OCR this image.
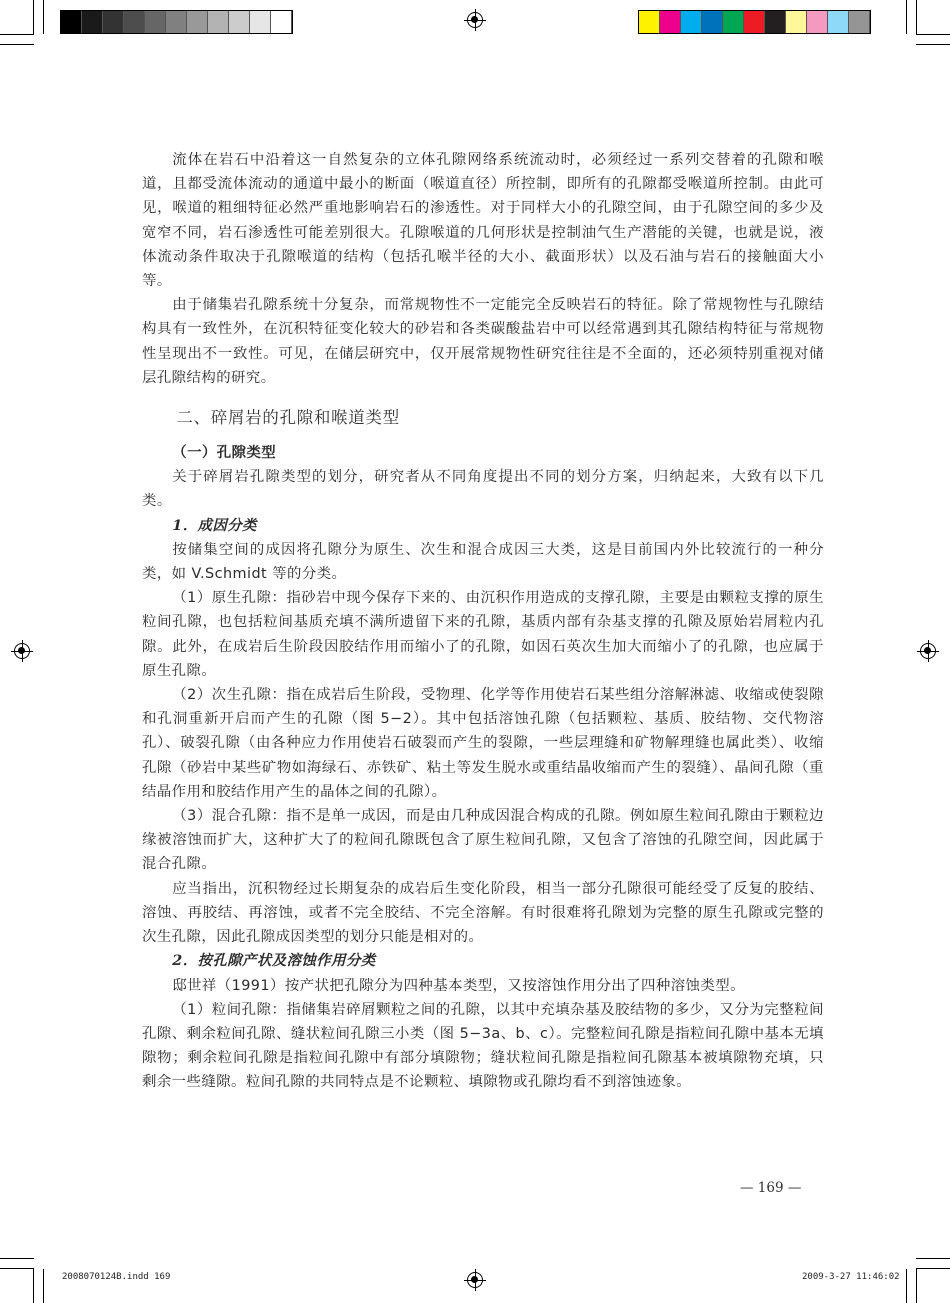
流体在岩石中沿着这一自然复杂的立体孔隙网络系统流动时，必须经过一系列交替着的孔隙和喉道，且都受流体流动的通道中最小的断面（喉道直径）所控制，即所有的孔隙都受喉道所控制。由此可见，喉道的粗细特征必然严重地影响岩石的渗透性。对于同样大小的孔隙空间，由于孔隙空间的多少及宽窄不同，岩石渗透性可能差别很大。孔隙喉道的几何形状是控制油气生产潜能的关键，也就是说，液体流动条件取决于孔隙喉道的结构（包括孔喉半径的大小、截面形状）以及石油与岩石的接触面大小等。

由于储集岩孔隙系统十分复杂，而常规物性不一定能完全反映岩石的特征。除了常规物性与孔隙结构具有一致性外，在沉积特征变化较大的砂岩和各类碳酸盐岩中可以经常遇到其孔隙结构特征与常规物性呈现出不一致性。可见，在储层研究中，仅开展常规物性研究往往是不全面的，还必须特别重视对储层孔隙结构的研究。

二、碎屑岩的孔隙和喉道类型

（一）孔隙类型

关于碎屑岩孔隙类型的划分，研究者从不同角度提出不同的划分方案，归纳起来，大致有以下几类。

1．成因分类

按储集空间的成因将孔隙分为原生、次生和混合成因三大类，这是目前国内外比较流行的一种分类，如 V.Schmidt 等的分类。

（1）原生孔隙：指砂岩中现今保存下来的、由沉积作用造成的支撑孔隙，主要是由颗粒支撑的原生粒间孔隙，也包括粒间基质充填不满所遗留下来的孔隙，基质内部有杂基支撑的孔隙及原始岩屑粒内孔隙。此外，在成岩后生阶段因胶结作用而缩小了的孔隙，如因石英次生加大而缩小了的孔隙，也应属于原生孔隙。

（2）次生孔隙：指在成岩后生阶段，受物理、化学等作用使岩石某些组分溶解淋滤、收缩或使裂隙和孔洞重新开启而产生的孔隙（图 5−2）。其中包括溶蚀孔隙（包括颗粒、基质、胶结物、交代物溶孔）、破裂孔隙（由各种应力作用使岩石破裂而产生的裂隙，一些层理缝和矿物解理缝也属此类）、收缩孔隙（砂岩中某些矿物如海绿石、赤铁矿、粘土等发生脱水或重结晶收缩而产生的裂缝）、晶间孔隙（重结晶作用和胶结作用产生的晶体之间的孔隙）。

（3）混合孔隙：指不是单一成因，而是由几种成因混合构成的孔隙。例如原生粒间孔隙由于颗粒边缘被溶蚀而扩大，这种扩大了的粒间孔隙既包含了原生粒间孔隙，又包含了溶蚀的孔隙空间，因此属于混合孔隙。

应当指出，沉积物经过长期复杂的成岩后生变化阶段，相当一部分孔隙很可能经受了反复的胶结、溶蚀、再胶结、再溶蚀，或者不完全胶结、不完全溶解。有时很难将孔隙划为完整的原生孔隙或完整的次生孔隙，因此孔隙成因类型的划分只能是相对的。

2．按孔隙产状及溶蚀作用分类

邸世祥（1991）按产状把孔隙分为四种基本类型，又按溶蚀作用分出了四种溶蚀类型。

（1）粒间孔隙：指储集岩碎屑颗粒之间的孔隙，以其中充填杂基及胶结物的多少，又分为完整粒间孔隙、剩余粒间孔隙、缝状粒间孔隙三小类（图 5−3a、b、c）。完整粒间孔隙是指粒间孔隙中基本无填隙物；剩余粒间孔隙是指粒间孔隙中有部分填隙物；缝状粒间孔隙是指粒间孔隙基本被填隙物充填，只剩余一些缝隙。粒间孔隙的共同特点是不论颗粒、填隙物或孔隙均看不到溶蚀迹象。

— 169 —
2008070124B.indd 169	2009-3-27 11:46:02
